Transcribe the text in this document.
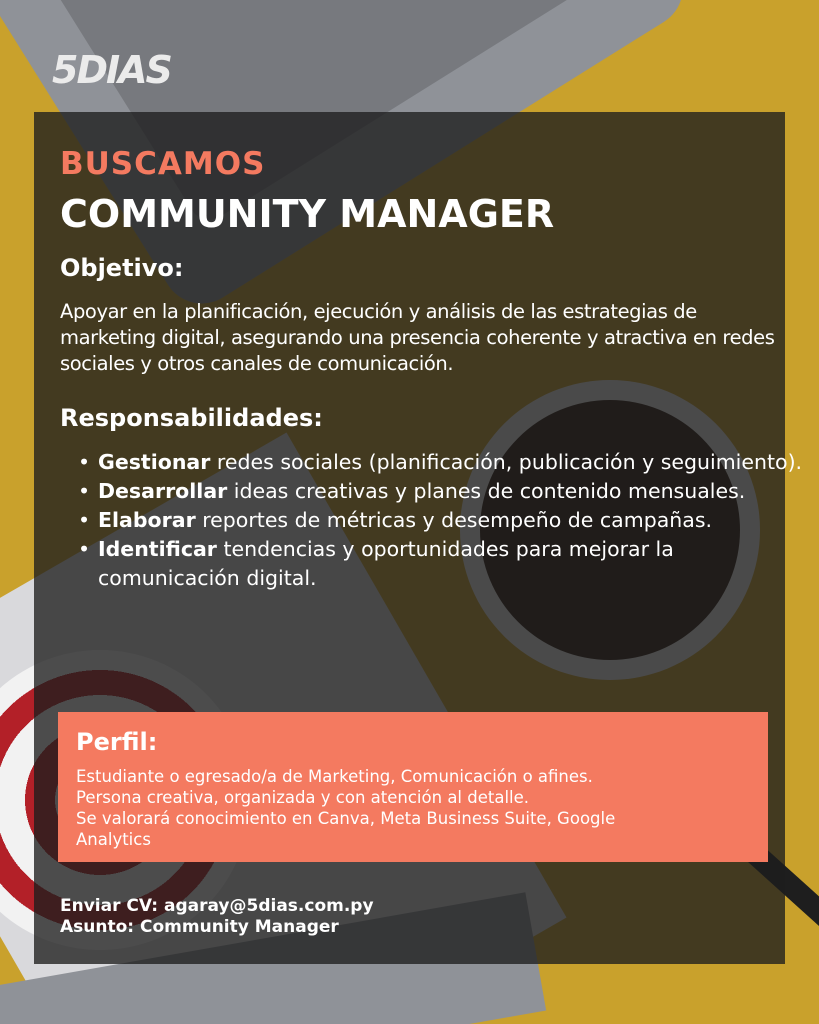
5DIAS
BUSCAMOS
COMMUNITY MANAGER
Objetivo:
Apoyar en la planificación, ejecución y análisis de las estrategias de marketing digital, asegurando una presencia coherente y atractiva en redes sociales y otros canales de comunicación.
Responsabilidades:
• Gestionar redes sociales (planificación, publicación y seguimiento).
• Desarrollar ideas creativas y planes de contenido mensuales.
• Elaborar reportes de métricas y desempeño de campañas.
• Identificar tendencias y oportunidades para mejorar la comunicación digital.
Perfil:
Estudiante o egresado/a de Marketing, Comunicación o afines.
Persona creativa, organizada y con atención al detalle.
Se valorará conocimiento en Canva, Meta Business Suite, Google
Analytics
Enviar CV: agaray@5dias.com.py
Asunto: Community Manager
